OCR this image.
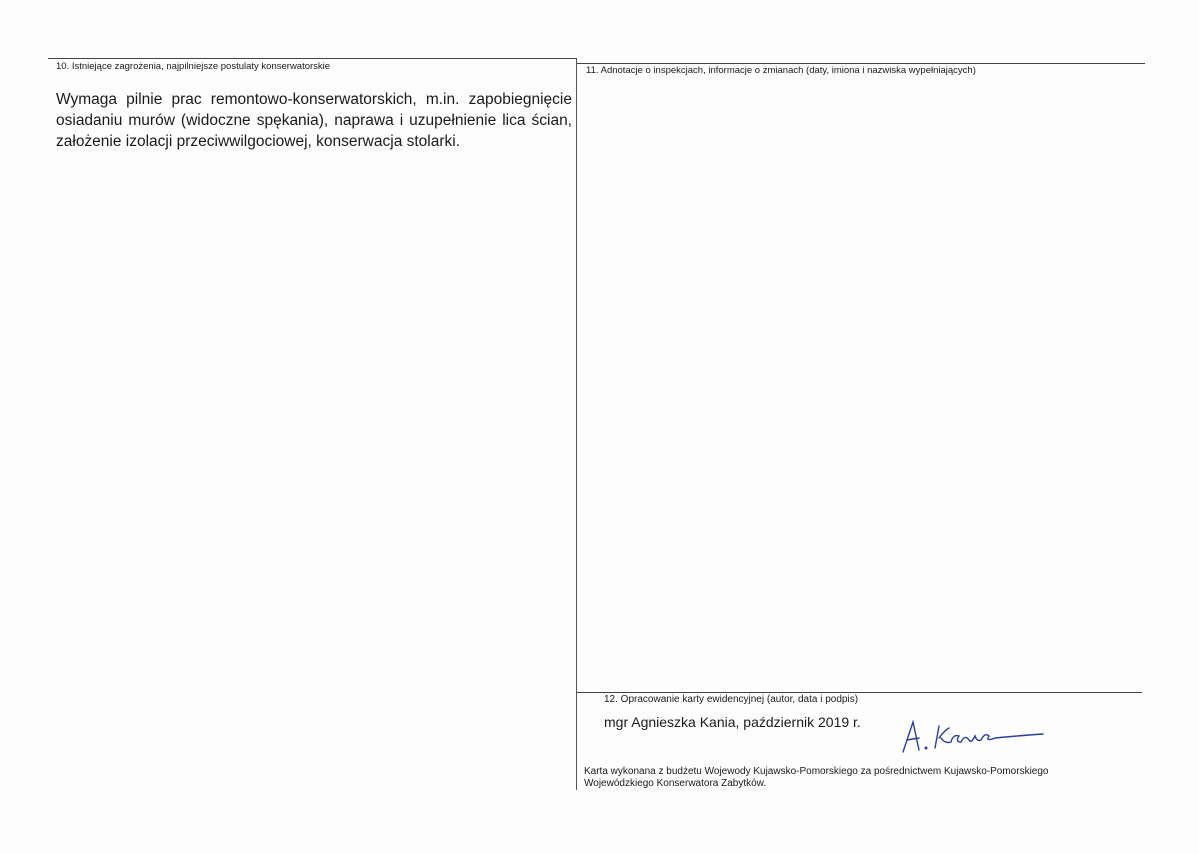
10. Istniejące zagrożenia, najpilniejsze postulaty konserwatorskie
Wymaga pilnie prac remontowo-konserwatorskich, m.in. zapobiegnięcie osiadaniu murów (widoczne spękania), naprawa i uzupełnienie lica ścian, założenie izolacji przeciwwilgociowej, konserwacja stolarki.
11. Adnotacje o inspekcjach, informacje o zmianach (daty, imiona i nazwiska wypełniających)
12. Opracowanie karty ewidencyjnej (autor, data i podpis)
mgr Agnieszka Kania, październik 2019 r.
Karta wykonana z budżetu Wojewody Kujawsko-Pomorskiego za pośrednictwem Kujawsko-Pomorskiego
Wojewódzkiego Konserwatora Zabytków.
